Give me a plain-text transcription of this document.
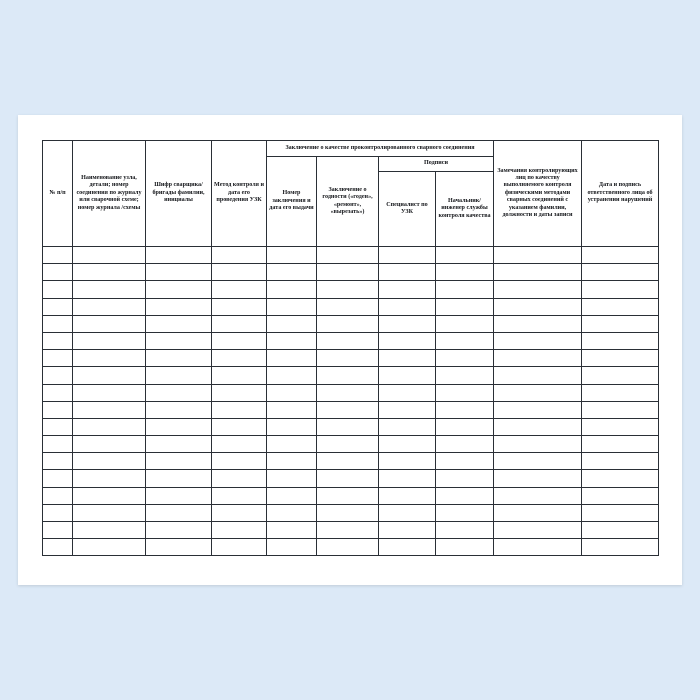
№ п/п	Наименование узла, детали; номер соединения по журналу или сварочной схеме; номер журнала /схемы	Шифр сварщика/бригады фамилии, инициалы	Метод контроля и дата его проведения УЗК	Заключение о качестве проконтролированного сварного соединения				Замечания контролирующих лиц по качеству выполняемого контроля физическими методами сварных соединений с указанием фамилии, должности и даты записи	Дата и подпись ответственного лица об устранении нарушений
				Номер заключения и дата его выдачи	Заключение о годности («годен», «ремонт», «вырезать»)	Подписи			
						Специалист по УЗК	Начальник/ инженер службы контроля качества		
